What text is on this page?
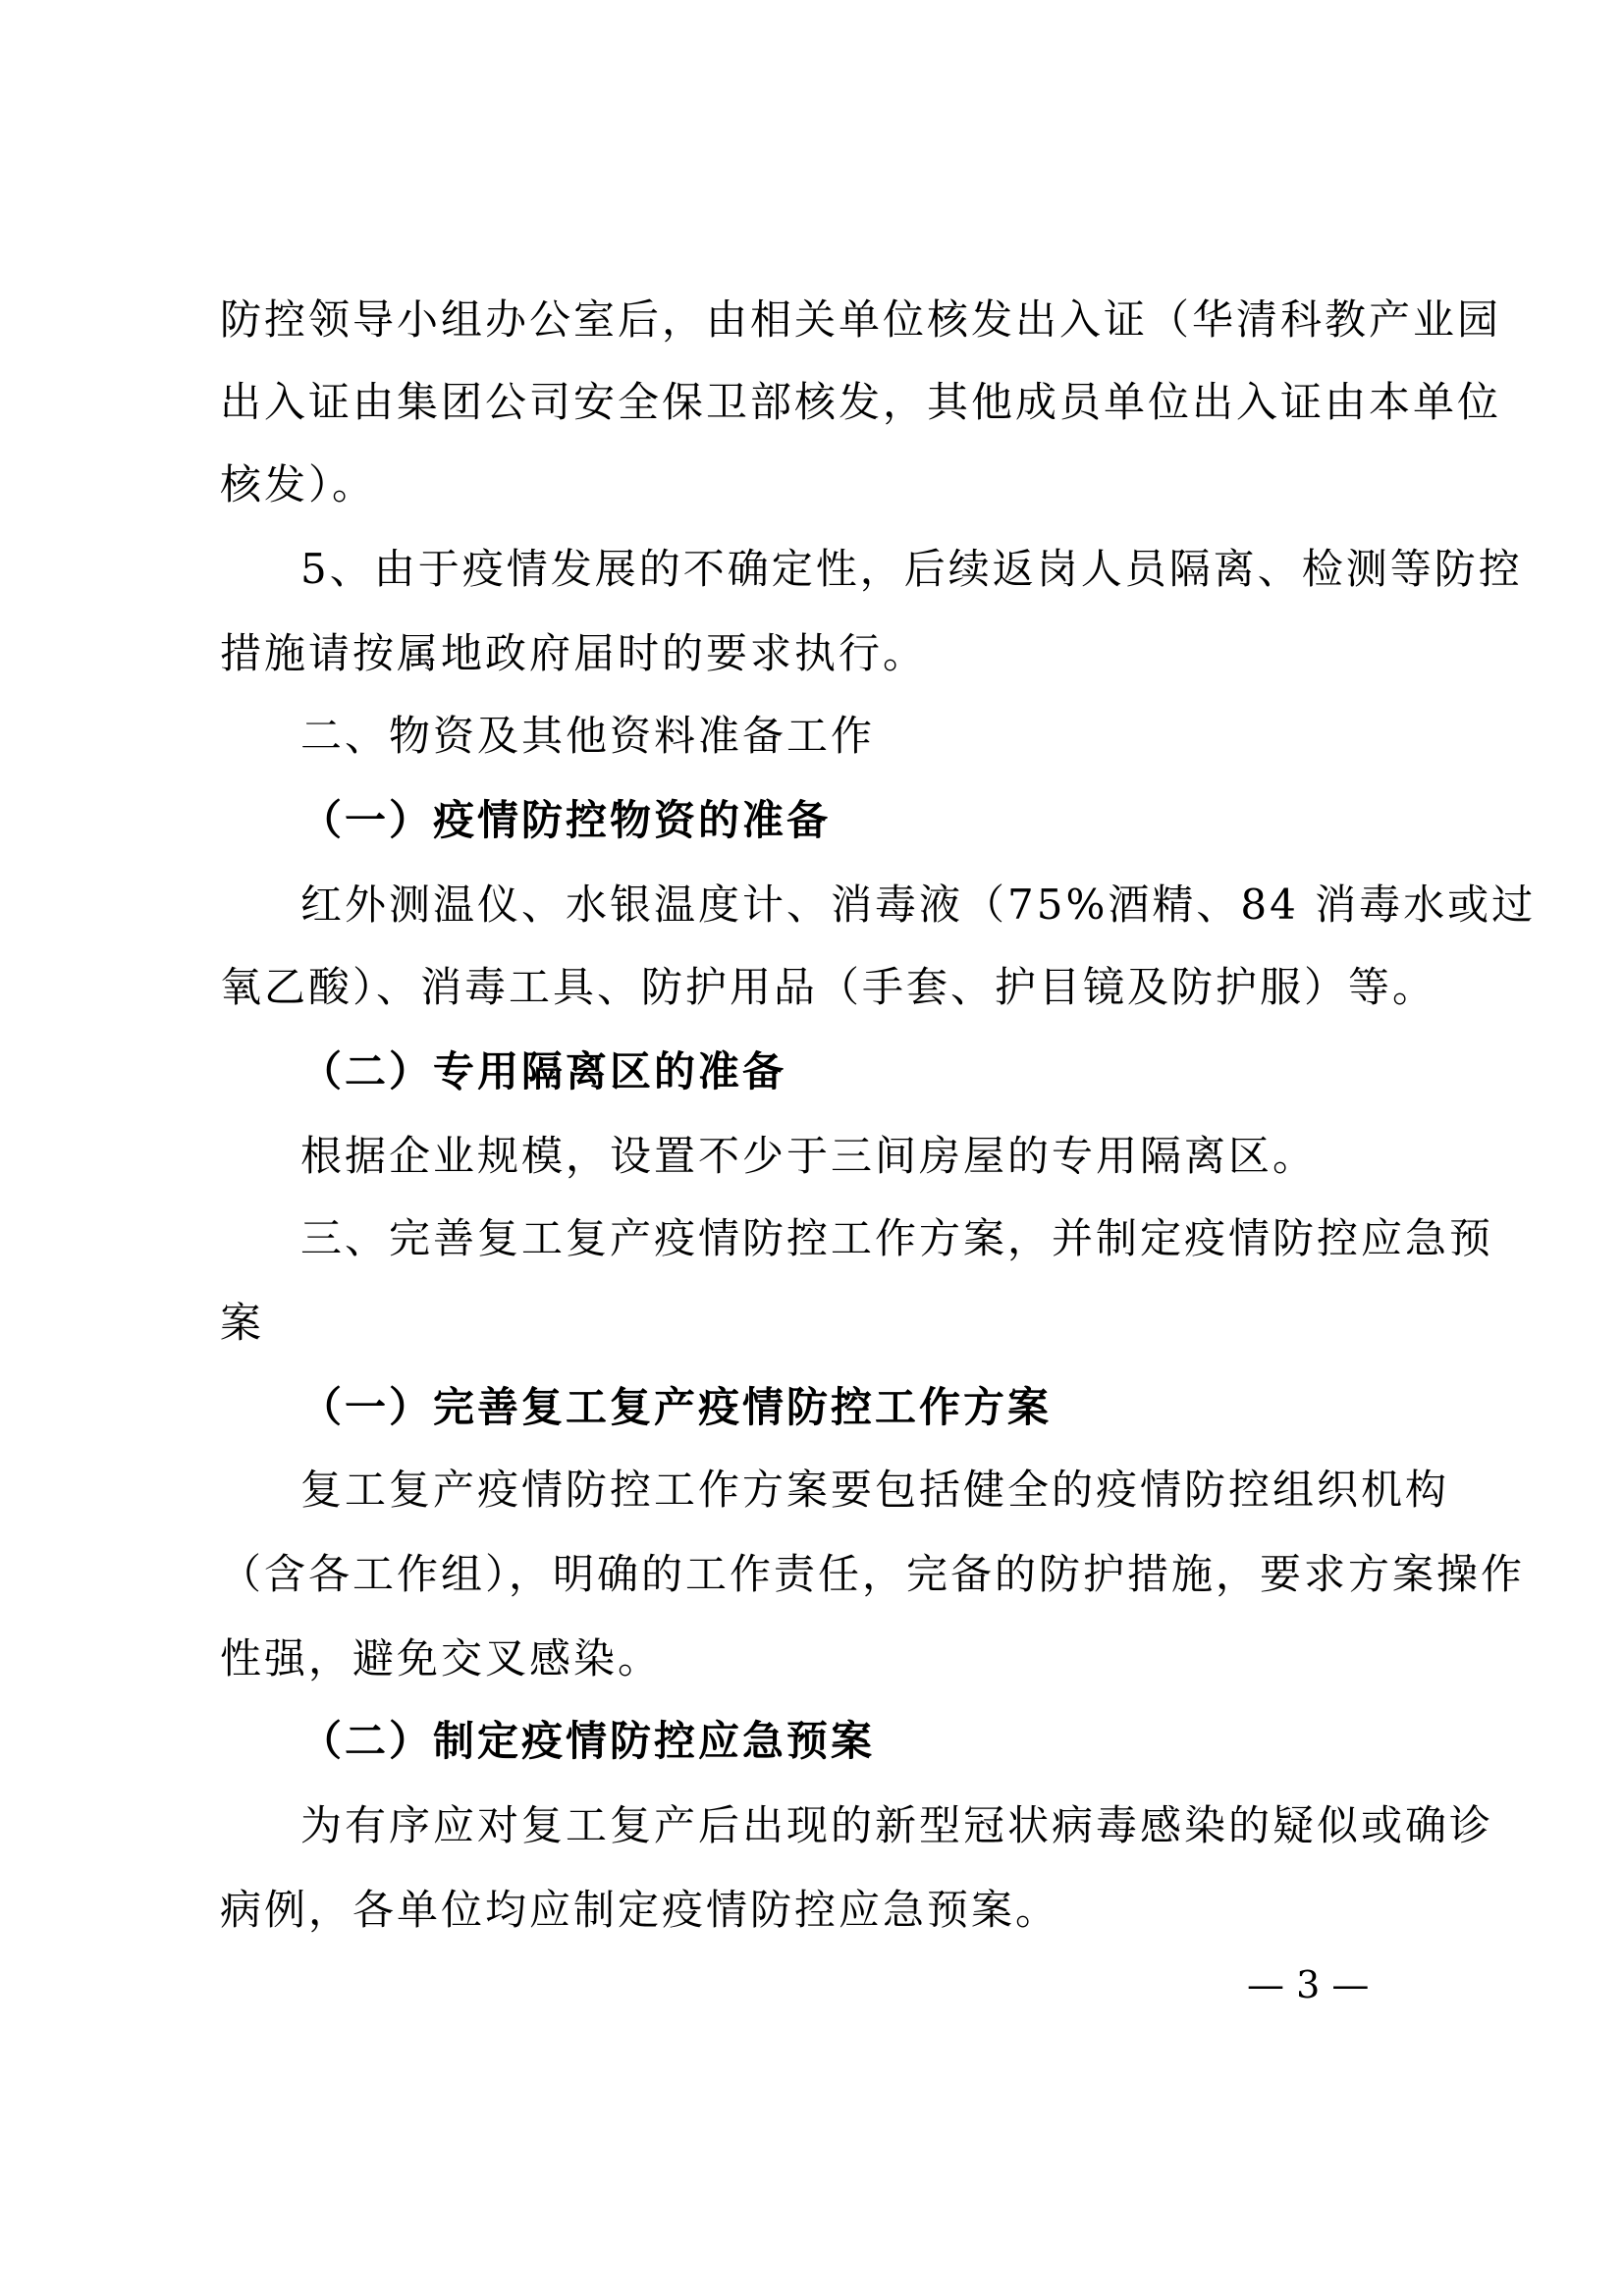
防控领导小组办公室后，由相关单位核发出入证（华清科教产业园
出入证由集团公司安全保卫部核发，其他成员单位出入证由本单位
核发）。
5、由于疫情发展的不确定性，后续返岗人员隔离、检测等防控
措施请按属地政府届时的要求执行。
二、物资及其他资料准备工作
（一）疫情防控物资的准备
红外测温仪、水银温度计、消毒液（75%酒精、84 消毒水或过
氧乙酸）、消毒工具、防护用品（手套、护目镜及防护服）等。
（二）专用隔离区的准备
根据企业规模，设置不少于三间房屋的专用隔离区。
三、完善复工复产疫情防控工作方案，并制定疫情防控应急预
案
（一）完善复工复产疫情防控工作方案
复工复产疫情防控工作方案要包括健全的疫情防控组织机构
（含各工作组），明确的工作责任，完备的防护措施，要求方案操作
性强，避免交叉感染。
（二）制定疫情防控应急预案
为有序应对复工复产后出现的新型冠状病毒感染的疑似或确诊
病例，各单位均应制定疫情防控应急预案。
— 3 —
